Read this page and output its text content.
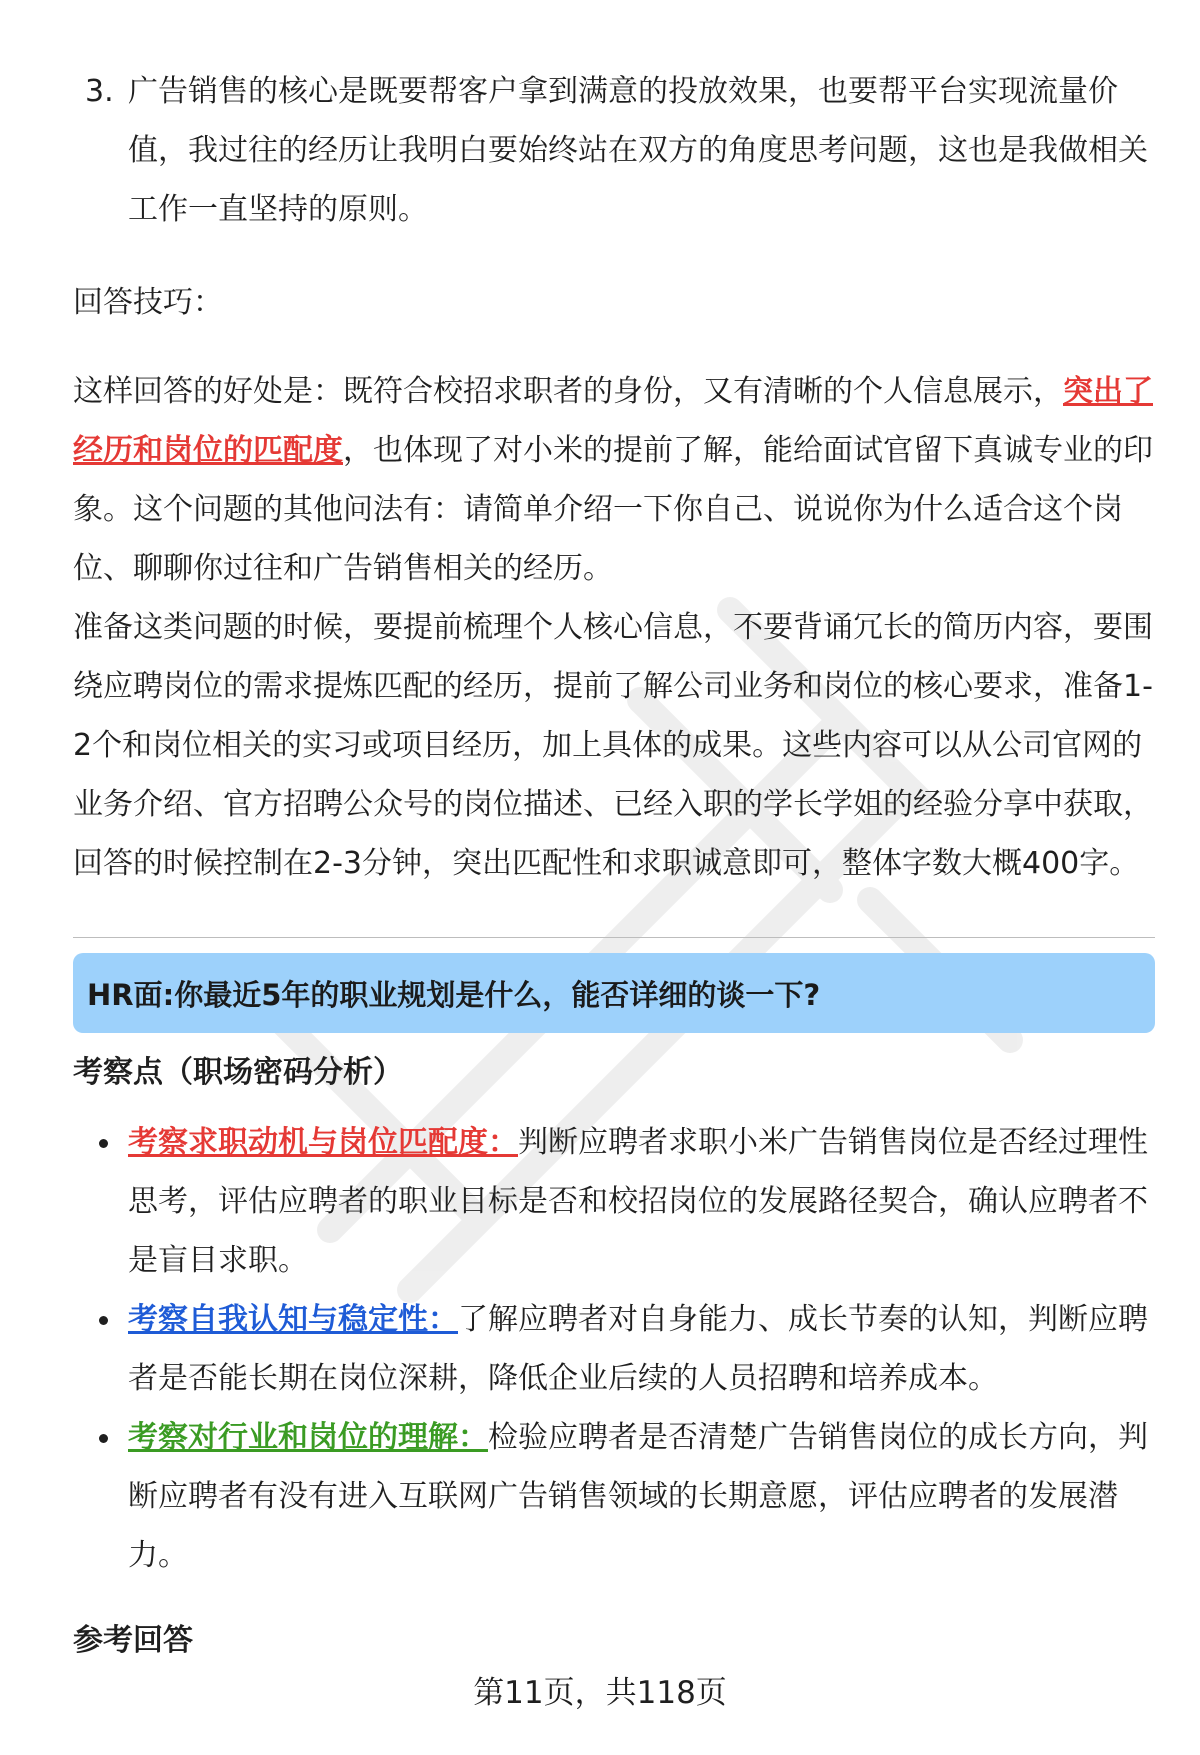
3. 广告销售的核心是既要帮客户拿到满意的投放效果，也要帮平台实现流量价值，我过往的经历让我明白要始终站在双方的角度思考问题，这也是我做相关工作一直坚持的原则。
回答技巧：
这样回答的好处是：既符合校招求职者的身份，又有清晰的个人信息展示，突出了经历和岗位的匹配度，也体现了对小米的提前了解，能给面试官留下真诚专业的印象。这个问题的其他问法有：请简单介绍一下你自己、说说你为什么适合这个岗位、聊聊你过往和广告销售相关的经历。
准备这类问题的时候，要提前梳理个人核心信息，不要背诵冗长的简历内容，要围绕应聘岗位的需求提炼匹配的经历，提前了解公司业务和岗位的核心要求，准备1-2个和岗位相关的实习或项目经历，加上具体的成果。这些内容可以从公司官网的业务介绍、官方招聘公众号的岗位描述、已经入职的学长学姐的经验分享中获取，回答的时候控制在2-3分钟，突出匹配性和求职诚意即可，整体字数大概400字。
HR面:你最近5年的职业规划是什么，能否详细的谈一下?
考察点（职场密码分析）
考察求职动机与岗位匹配度：判断应聘者求职小米广告销售岗位是否经过理性思考，评估应聘者的职业目标是否和校招岗位的发展路径契合，确认应聘者不是盲目求职。
考察自我认知与稳定性：了解应聘者对自身能力、成长节奏的认知，判断应聘者是否能长期在岗位深耕，降低企业后续的人员招聘和培养成本。
考察对行业和岗位的理解：检验应聘者是否清楚广告销售岗位的成长方向，判断应聘者有没有进入互联网广告销售领域的长期意愿，评估应聘者的发展潜力。
参考回答
第11页，共118页
